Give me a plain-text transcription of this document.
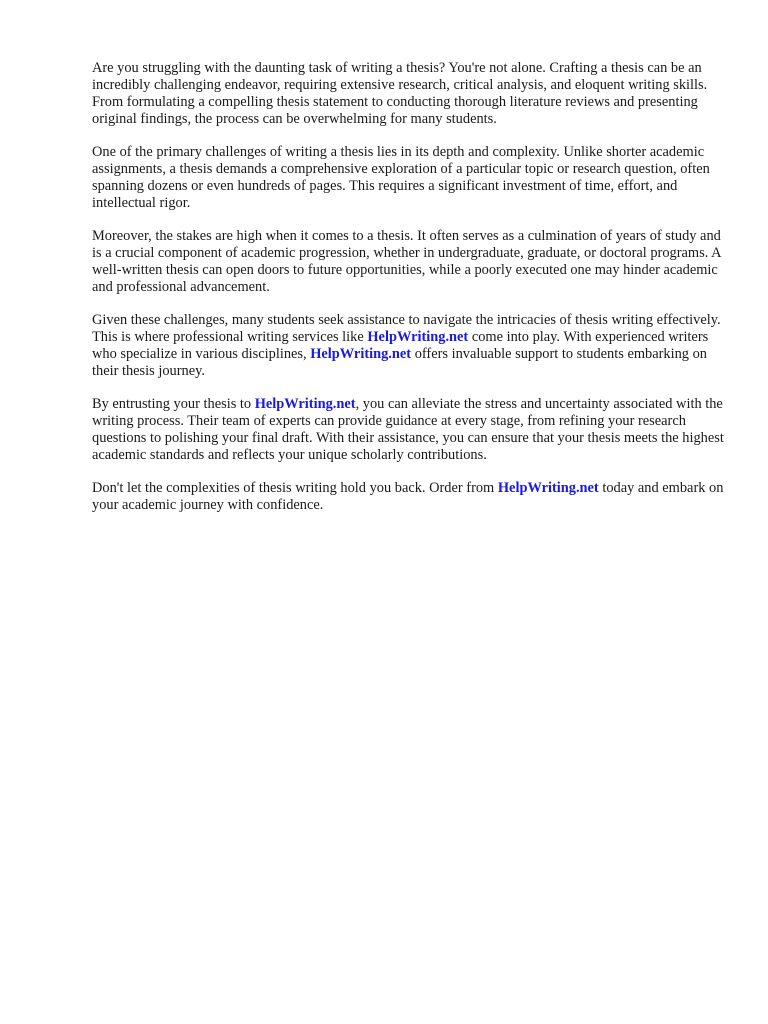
Are you struggling with the daunting task of writing a thesis? You're not alone. Crafting a thesis can be an incredibly challenging endeavor, requiring extensive research, critical analysis, and eloquent writing skills. From formulating a compelling thesis statement to conducting thorough literature reviews and presenting original findings, the process can be overwhelming for many students.

One of the primary challenges of writing a thesis lies in its depth and complexity. Unlike shorter academic assignments, a thesis demands a comprehensive exploration of a particular topic or research question, often spanning dozens or even hundreds of pages. This requires a significant investment of time, effort, and intellectual rigor.

Moreover, the stakes are high when it comes to a thesis. It often serves as a culmination of years of study and is a crucial component of academic progression, whether in undergraduate, graduate, or doctoral programs. A well-written thesis can open doors to future opportunities, while a poorly executed one may hinder academic and professional advancement.

Given these challenges, many students seek assistance to navigate the intricacies of thesis writing effectively. This is where professional writing services like HelpWriting.net come into play. With experienced writers who specialize in various disciplines, HelpWriting.net offers invaluable support to students embarking on their thesis journey.

By entrusting your thesis to HelpWriting.net, you can alleviate the stress and uncertainty associated with the writing process. Their team of experts can provide guidance at every stage, from refining your research questions to polishing your final draft. With their assistance, you can ensure that your thesis meets the highest academic standards and reflects your unique scholarly contributions.

Don't let the complexities of thesis writing hold you back. Order from HelpWriting.net today and embark on your academic journey with confidence.
